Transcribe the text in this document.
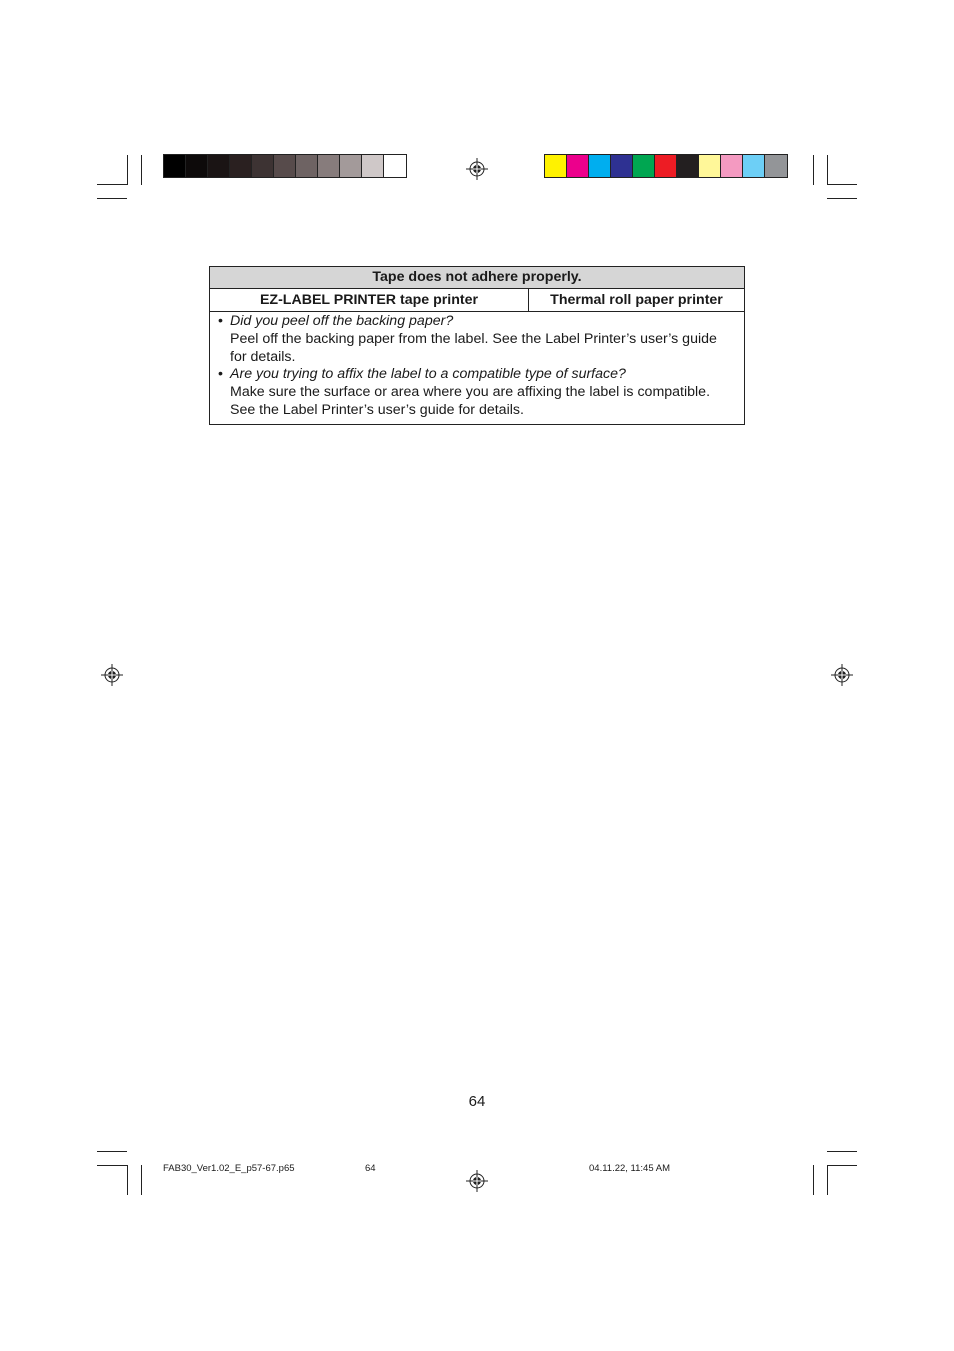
Tape does not adhere properly.
EZ-LABEL PRINTER tape printer	Thermal roll paper printer

• Did you peel off the backing paper?
Peel off the backing paper from the label. See the Label Printer’s user’s guide for details.
• Are you trying to affix the label to a compatible type of surface?
Make sure the surface or area where you are affixing the label is compatible. See the Label Printer’s user’s guide for details.
64
FAB30_Ver1.02_E_p57-67.p65	64	04.11.22, 11:45 AM
